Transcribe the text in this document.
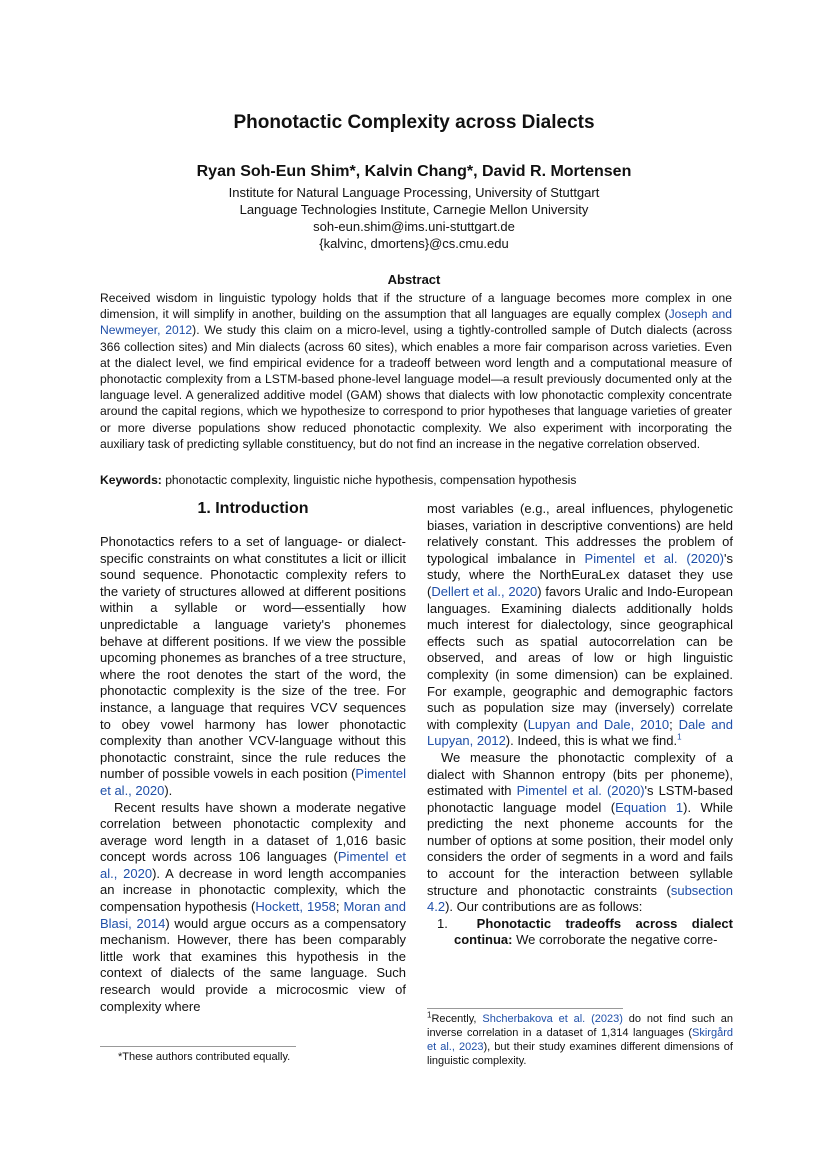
Phonotactic Complexity across Dialects
Ryan Soh-Eun Shim*, Kalvin Chang*, David R. Mortensen
Institute for Natural Language Processing, University of Stuttgart
Language Technologies Institute, Carnegie Mellon University
soh-eun.shim@ims.uni-stuttgart.de
{kalvinc, dmortens}@cs.cmu.edu
Abstract

Received wisdom in linguistic typology holds that if the structure of a language becomes more complex in one dimension, it will simplify in another, building on the assumption that all languages are equally complex (Joseph and Newmeyer, 2012). We study this claim on a micro-level, using a tightly-controlled sample of Dutch dialects (across 366 collection sites) and Min dialects (across 60 sites), which enables a more fair comparison across varieties. Even at the dialect level, we find empirical evidence for a tradeoff between word length and a computational measure of phonotactic complexity from a LSTM-based phone-level language model—a result previously documented only at the language level. A generalized additive model (GAM) shows that dialects with low phonotactic complexity concentrate around the capital regions, which we hypothesize to correspond to prior hypotheses that language varieties of greater or more diverse populations show reduced phonotactic complexity. We also experiment with incorporating the auxiliary task of predicting syllable constituency, but do not find an increase in the negative correlation observed.

Keywords: phonotactic complexity, linguistic niche hypothesis, compensation hypothesis
1. Introduction

Phonotactics refers to a set of language- or dialect-specific constraints on what constitutes a licit or illicit sound sequence. Phonotactic complexity refers to the variety of structures allowed at different positions within a syllable or word—essentially how unpredictable a language variety's phonemes behave at different positions. If we view the possible upcoming phonemes as branches of a tree structure, where the root denotes the start of the word, the phonotactic complexity is the size of the tree. For instance, a language that requires VCV sequences to obey vowel harmony has lower phonotactic complexity than another VCV-language without this phonotactic constraint, since the rule reduces the number of possible vowels in each position (Pimentel et al., 2020).

Recent results have shown a moderate negative correlation between phonotactic complexity and average word length in a dataset of 1,016 basic concept words across 106 languages (Pimentel et al., 2020). A decrease in word length accompanies an increase in phonotactic complexity, which the compensation hypothesis (Hockett, 1958; Moran and Blasi, 2014) would argue occurs as a compensatory mechanism. However, there has been comparably little work that examines this hypothesis in the context of dialects of the same language. Such research would provide a microcosmic view of complexity where

*These authors contributed equally.

most variables (e.g., areal influences, phylogenetic biases, variation in descriptive conventions) are held relatively constant. This addresses the problem of typological imbalance in Pimentel et al. (2020)'s study, where the NorthEuraLex dataset they use (Dellert et al., 2020) favors Uralic and Indo-European languages. Examining dialects additionally holds much interest for dialectology, since geographical effects such as spatial autocorrelation can be observed, and areas of low or high linguistic complexity (in some dimension) can be explained. For example, geographic and demographic factors such as population size may (inversely) correlate with complexity (Lupyan and Dale, 2010; Dale and Lupyan, 2012). Indeed, this is what we find.$^1$

We measure the phonotactic complexity of a dialect with Shannon entropy (bits per phoneme), estimated with Pimentel et al. (2020)'s LSTM-based phonotactic language model (Equation 1). While predicting the next phoneme accounts for the number of options at some position, their model only considers the order of segments in a word and fails to account for the interaction between syllable structure and phonotactic constraints (subsection 4.2). Our contributions are as follows:

1. Phonotactic tradeoffs across dialect continua: We corroborate the negative corre-

$^1$Recently, Shcherbakova et al. (2023) do not find such an inverse correlation in a dataset of 1,314 languages (Skirgård et al., 2023), but their study examines different dimensions of linguistic complexity.
